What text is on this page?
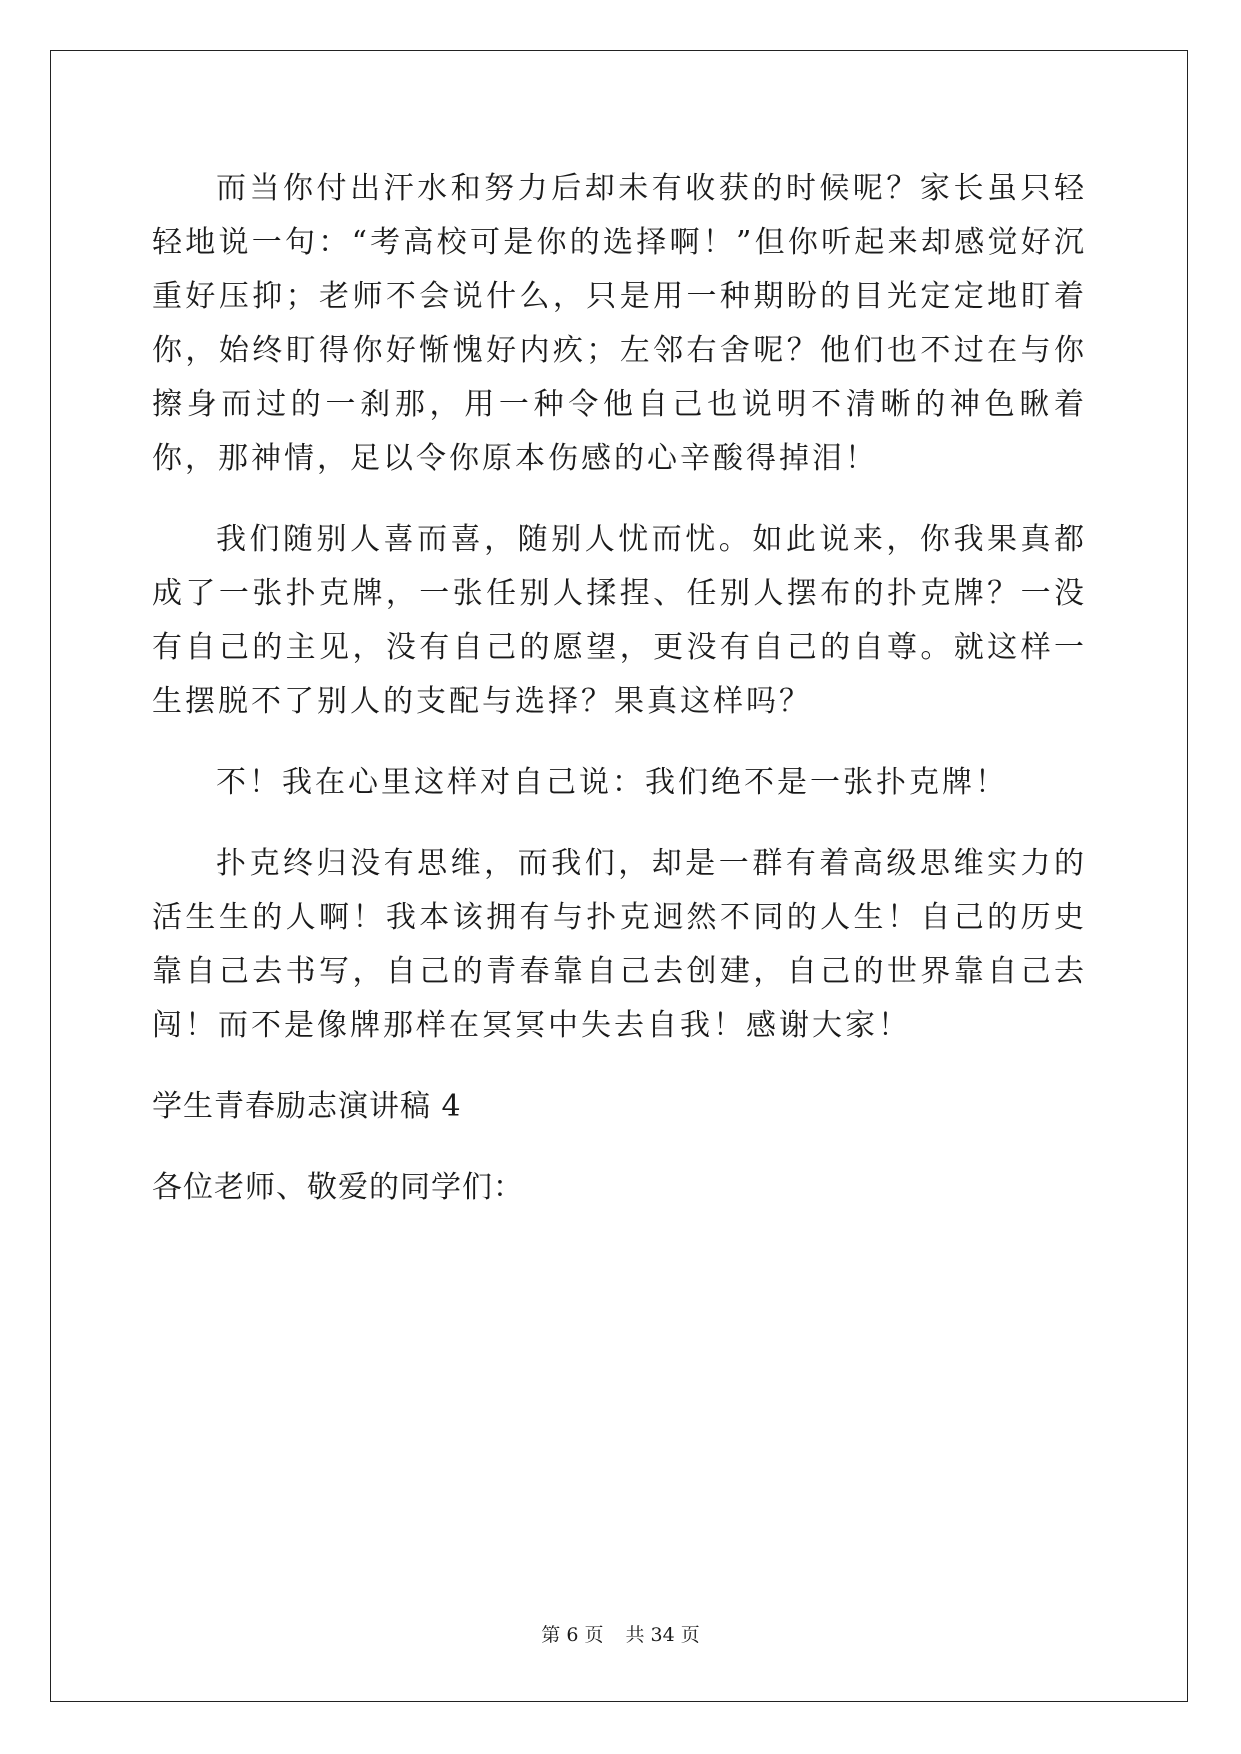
而当你付出汗水和努力后却未有收获的时候呢？家长虽只轻轻地说一句：“考高校可是你的选择啊！”但你听起来却感觉好沉重好压抑；老师不会说什么，只是用一种期盼的目光定定地盯着你，始终盯得你好惭愧好内疚；左邻右舍呢？他们也不过在与你擦身而过的一刹那，用一种令他自己也说明不清晰的神色瞅着你，那神情，足以令你原本伤感的心辛酸得掉泪！

我们随别人喜而喜，随别人忧而忧。如此说来，你我果真都成了一张扑克牌，一张任别人揉捏、任别人摆布的扑克牌？一没有自己的主见，没有自己的愿望，更没有自己的自尊。就这样一生摆脱不了别人的支配与选择？果真这样吗？

不！我在心里这样对自己说：我们绝不是一张扑克牌！

扑克终归没有思维，而我们，却是一群有着高级思维实力的活生生的人啊！我本该拥有与扑克迥然不同的人生！自己的历史靠自己去书写，自己的青春靠自己去创建，自己的世界靠自己去闯！而不是像牌那样在冥冥中失去自我！感谢大家！

学生青春励志演讲稿 4

各位老师、敬爱的同学们：

第 6 页 共 34 页
